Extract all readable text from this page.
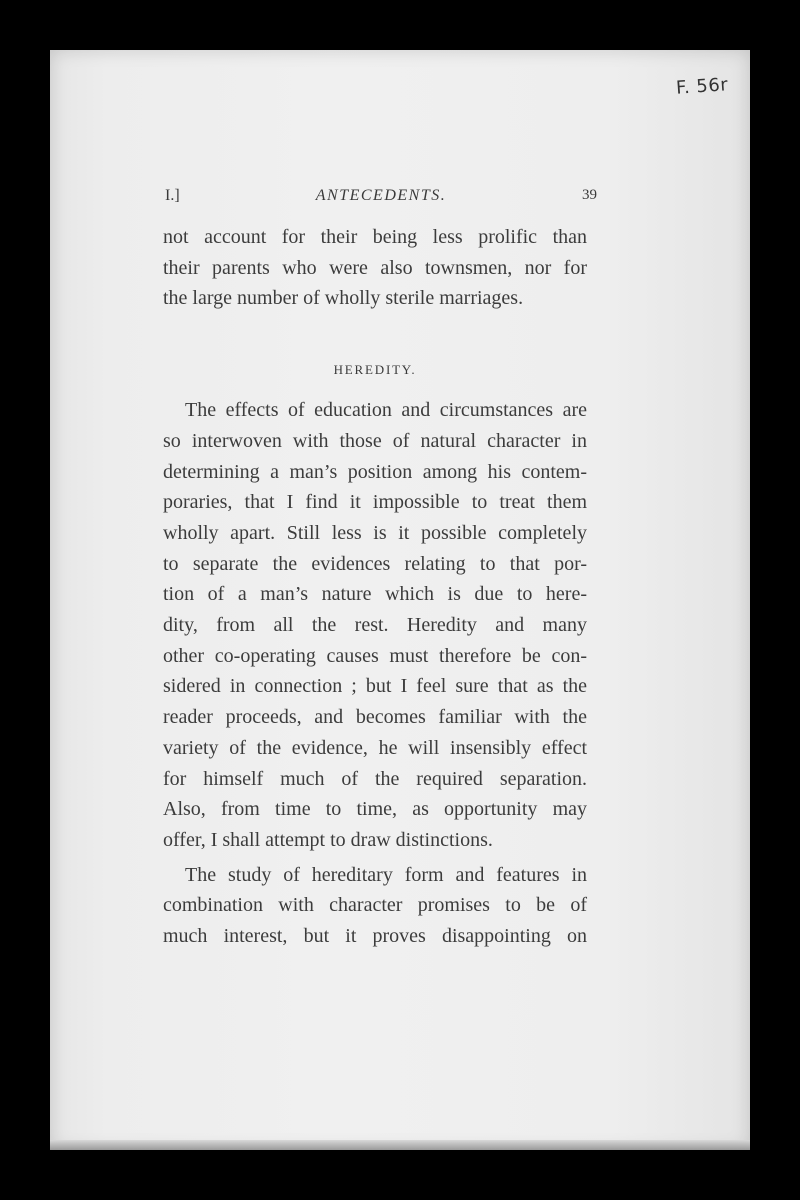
F. 56r
I.]	ANTECEDENTS.	39

not account for their being less prolific than
their parents who were also townsmen, nor for
the large number of wholly sterile marriages.

HEREDITY.

The effects of education and circumstances are
so interwoven with those of natural character in
determining a man’s position among his contem-
poraries, that I find it impossible to treat them
wholly apart. Still less is it possible completely
to separate the evidences relating to that por-
tion of a man’s nature which is due to here-
dity, from all the rest. Heredity and many
other co-operating causes must therefore be con-
sidered in connection ; but I feel sure that as the
reader proceeds, and becomes familiar with the
variety of the evidence, he will insensibly effect
for himself much of the required separation.
Also, from time to time, as opportunity may
offer, I shall attempt to draw distinctions.

The study of hereditary form and features in
combination with character promises to be of
much interest, but it proves disappointing on
